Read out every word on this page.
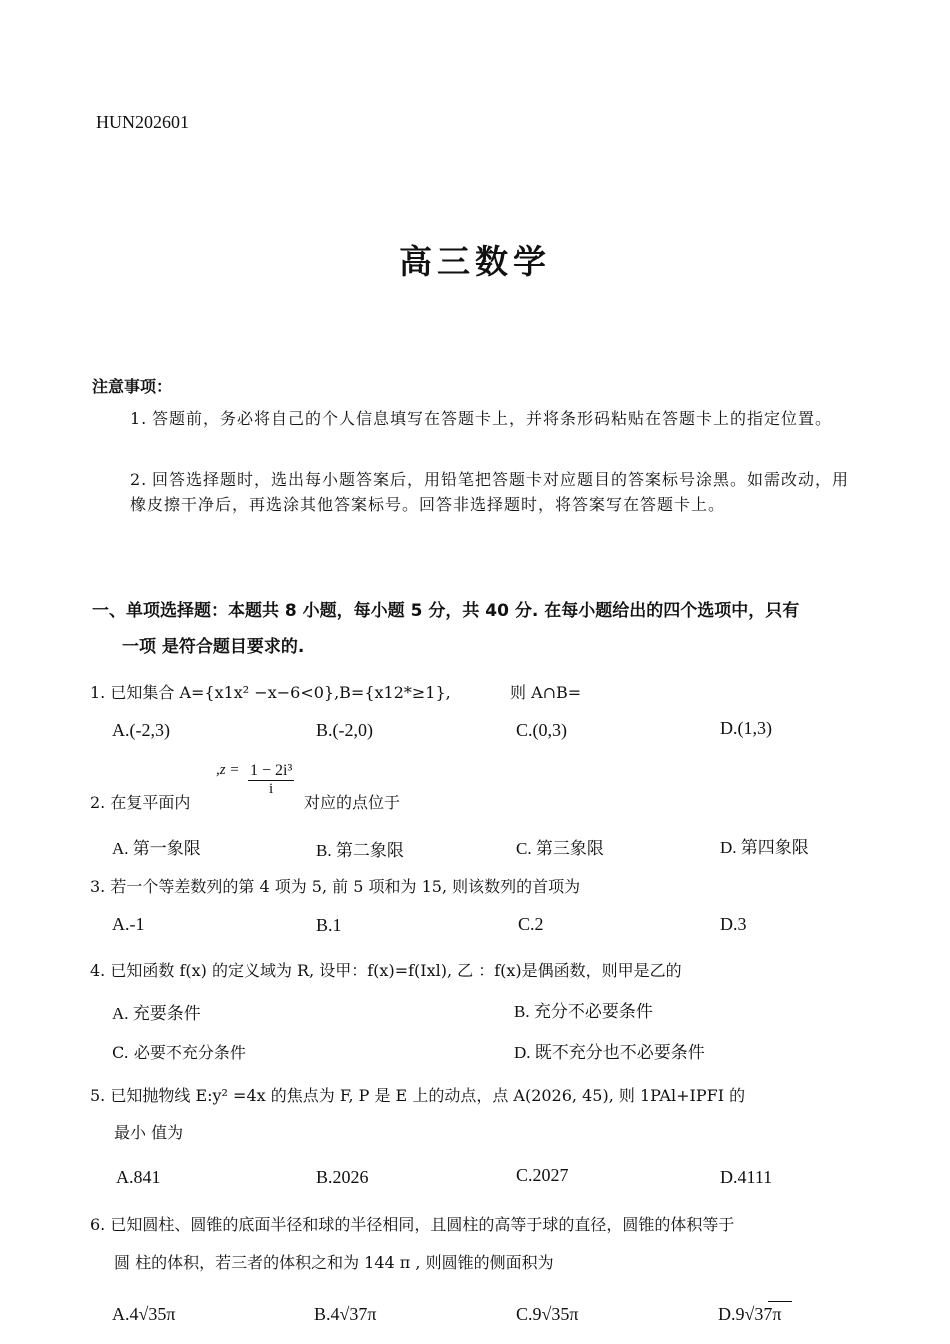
HUN202601
高三数学
注意事项：
1. 答题前，务必将自己的个人信息填写在答题卡上，并将条形码粘贴在答题卡上的指定位置。
2. 回答选择题时，选出每小题答案后，用铅笔把答题卡对应题目的答案标号涂黑。如需改动，用橡皮擦干净后，再选涂其他答案标号。回答非选择题时，将答案写在答题卡上。
一、单项选择题：本题共 8 小题，每小题 5 分，共 40 分. 在每小题给出的四个选项中，只有
一项 是符合题目要求的.
1. 已知集合 A={x1x² −x−6<0},B={x12*≥1},	则 A∩B=
A.(-2,3)	B.(-2,0)	C.(0,3)	D.(1,3)
2. 在复平面内
$,z = \frac{\text{1 − 2i³}}{i}$
对应的点位于
A. 第一象限	B. 第二象限	C. 第三象限	D. 第四象限
3. 若一个等差数列的第 4 项为 5, 前 5 项和为 15, 则该数列的首项为
A.-1	B.1	C.2	D.3
4. 已知函数 f(x) 的定义域为 R, 设甲：f(x)=f(Ixl), 乙 ：f(x)是偶函数，则甲是乙的
A. 充要条件	B. 充分不必要条件
C. 必要不充分条件	D. 既不充分也不必要条件
5. 已知抛物线 E:y² =4x 的焦点为 F, P 是 E 上的动点，点 A(2026, 45), 则 1PAl+IPFI 的
最小 值为
A.841	B.2026	C.2027	D.4111
6. 已知圆柱、圆锥的底面半径和球的半径相同，且圆柱的高等于球的直径，圆锥的体积等于
圆 柱的体积，若三者的体积之和为 144 π , 则圆锥的侧面积为
A.4√35π	B.4√37π	C.9√35π	D.9√37π
